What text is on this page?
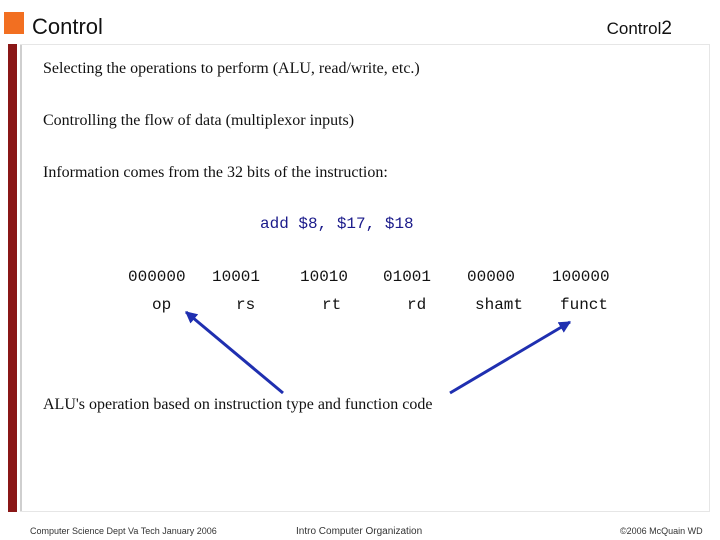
Control	Control2
Selecting the operations to perform (ALU, read/write, etc.)
Controlling the flow of data (multiplexor inputs)
Information comes from the 32 bits of the instruction:
add $8, $17, $18
000000 10001 10010 01001 00000 100000
op	rs	rt	rd	shamt funct
ALU's operation based on instruction type and function code
Computer Science Dept Va Tech January 2006	Intro Computer Organization	©2006 McQuain WD
